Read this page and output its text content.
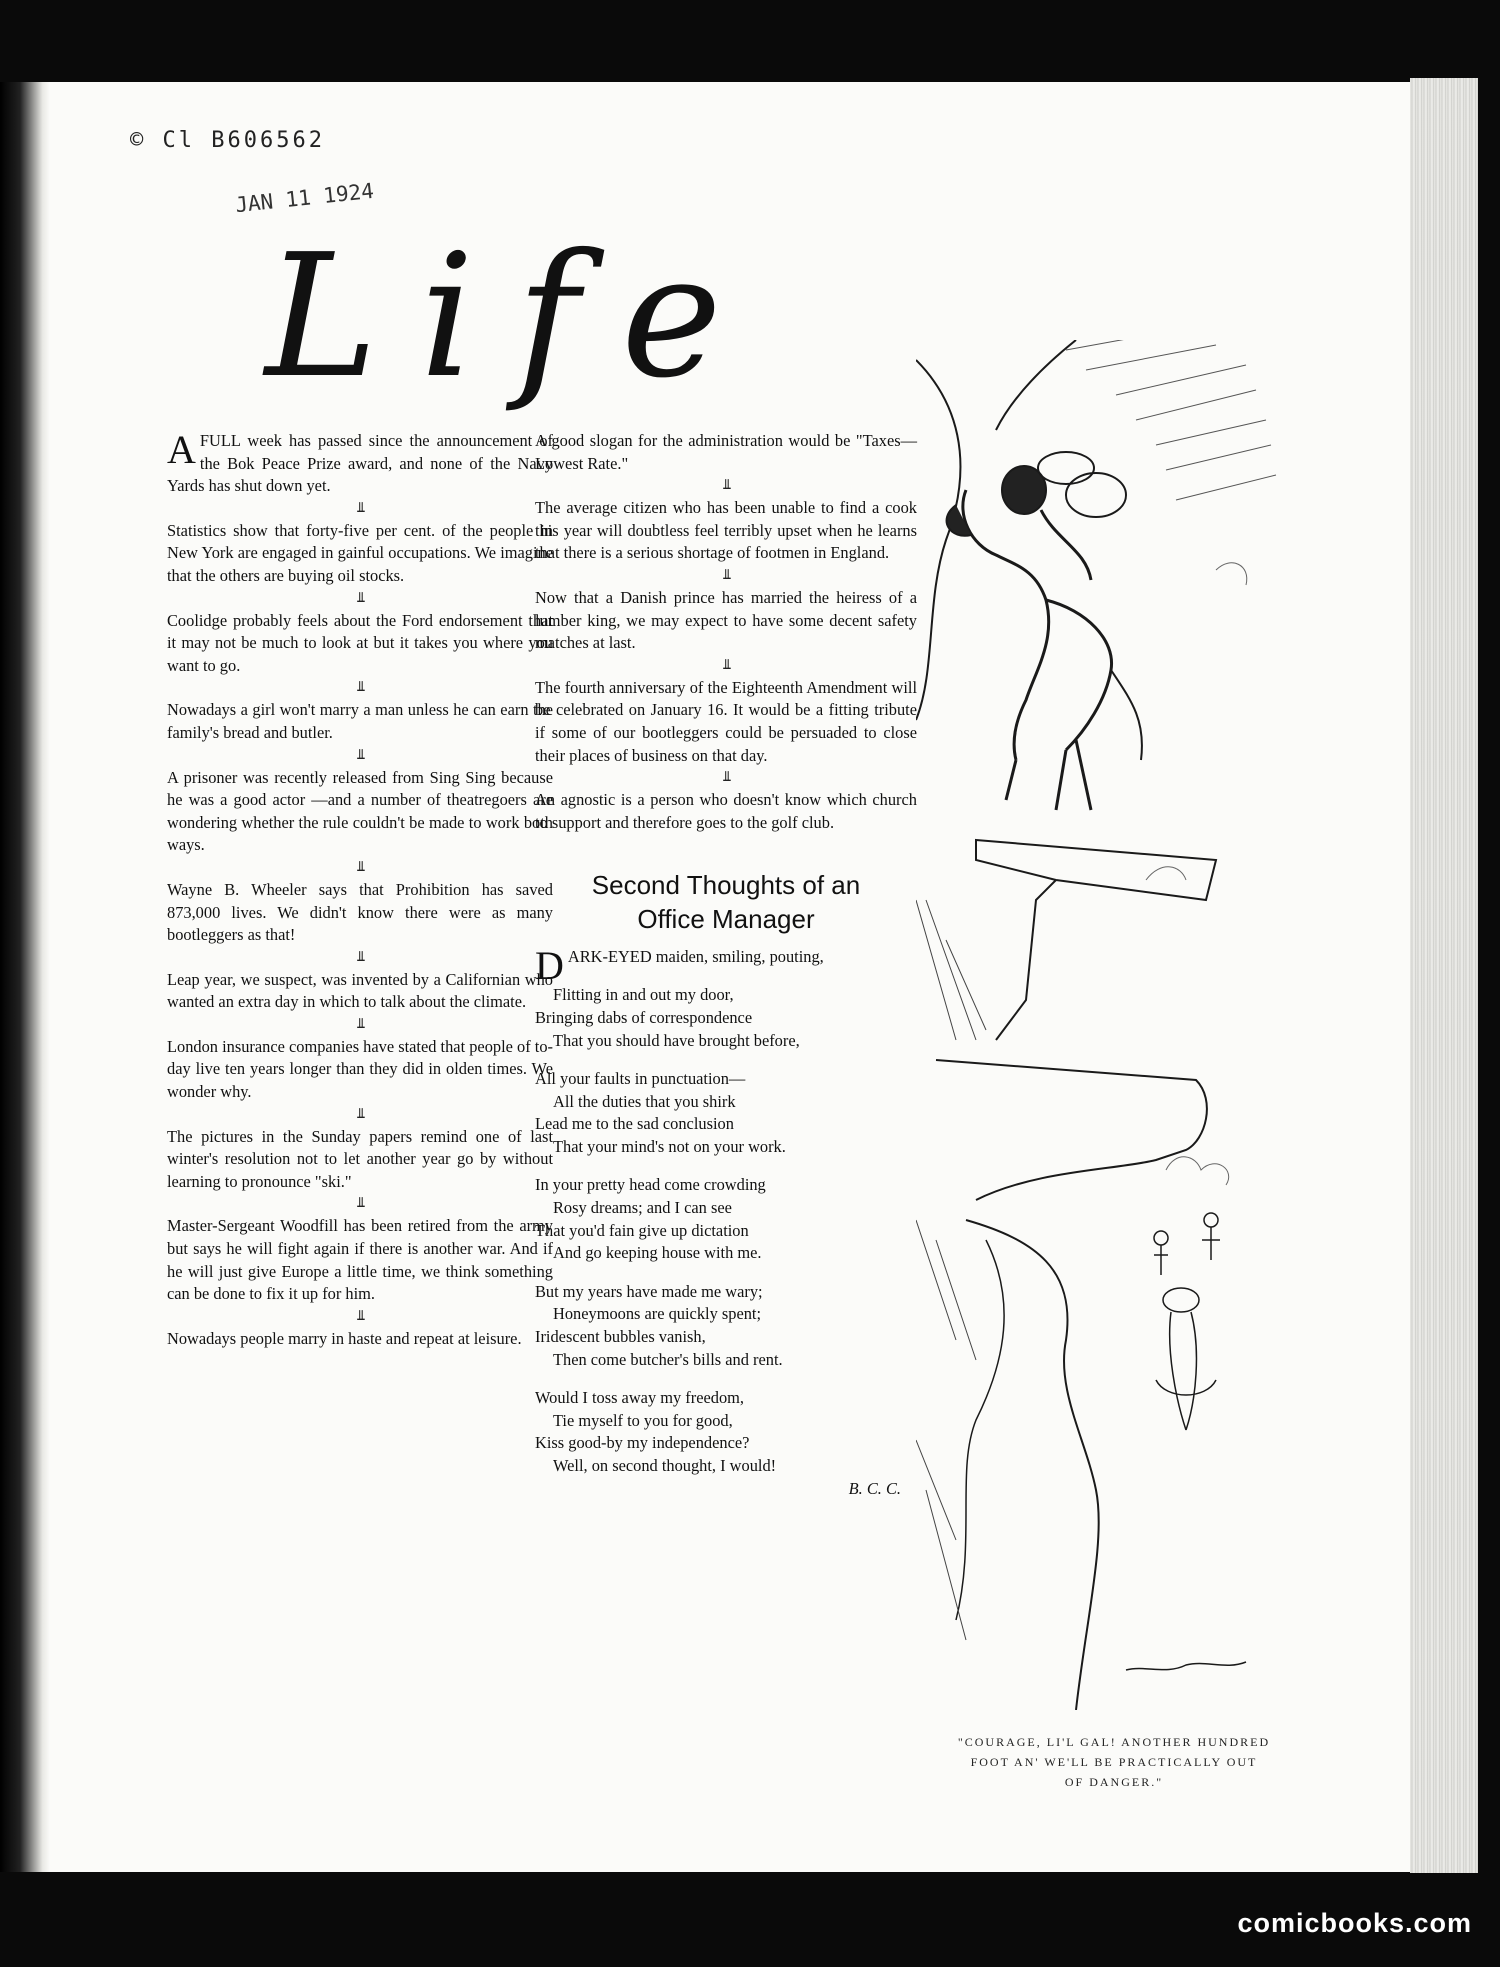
© Cl B606562
JAN 11 1924
Life

A FULL week has passed since the announcement of the Bok Peace Prize award, and none of the Navy Yards has shut down yet.

⫫

Statistics show that forty-five per cent. of the people in New York are engaged in gainful occupations. We imagine that the others are buying oil stocks.

⫫

Coolidge probably feels about the Ford endorsement that it may not be much to look at but it takes you where you want to go.

⫫

Nowadays a girl won't marry a man unless he can earn the family's bread and butler.

⫫

A prisoner was recently released from Sing Sing because he was a good actor —and a number of theatregoers are wondering whether the rule couldn't be made to work both ways.

⫫

Wayne B. Wheeler says that Prohibition has saved 873,000 lives. We didn't know there were as many bootleggers as that!

⫫

Leap year, we suspect, was invented by a Californian who wanted an extra day in which to talk about the climate.

⫫

London insurance companies have stated that people of to-day live ten years longer than they did in olden times. We wonder why.

⫫

The pictures in the Sunday papers remind one of last winter's resolution not to let another year go by without learning to pronounce "ski."

⫫

Master-Sergeant Woodfill has been retired from the army but says he will fight again if there is another war. And if he will just give Europe a little time, we think something can be done to fix it up for him.

⫫

Nowadays people marry in haste and repeat at leisure.

A good slogan for the administration would be "Taxes—Lowest Rate."

⫫

The average citizen who has been unable to find a cook this year will doubtless feel terribly upset when he learns that there is a serious shortage of footmen in England.

⫫

Now that a Danish prince has married the heiress of a lumber king, we may expect to have some decent safety matches at last.

⫫

The fourth anniversary of the Eighteenth Amendment will be celebrated on January 16. It would be a fitting tribute if some of our bootleggers could be persuaded to close their places of business on that day.

⫫

An agnostic is a person who doesn't know which church to support and therefore goes to the golf club.

Second Thoughts of an
Office Manager
DARK-EYED maiden, smiling, pouting,
Flitting in and out my door,
Bringing dabs of correspondence
That you should have brought before,
All your faults in punctuation—
All the duties that you shirk
Lead me to the sad conclusion
That your mind's not on your work.
In your pretty head come crowding
Rosy dreams; and I can see
That you'd fain give up dictation
And go keeping house with me.
But my years have made me wary;
Honeymoons are quickly spent;
Iridescent bubbles vanish,
Then come butcher's bills and rent.
Would I toss away my freedom,
Tie myself to you for good,
Kiss good-by my independence?
Well, on second thought, I would!
B. C. C.
"COURAGE, LI'L GAL! ANOTHER HUNDRED
FOOT AN' WE'LL BE PRACTICALLY OUT
OF DANGER."
comicbooks.com
